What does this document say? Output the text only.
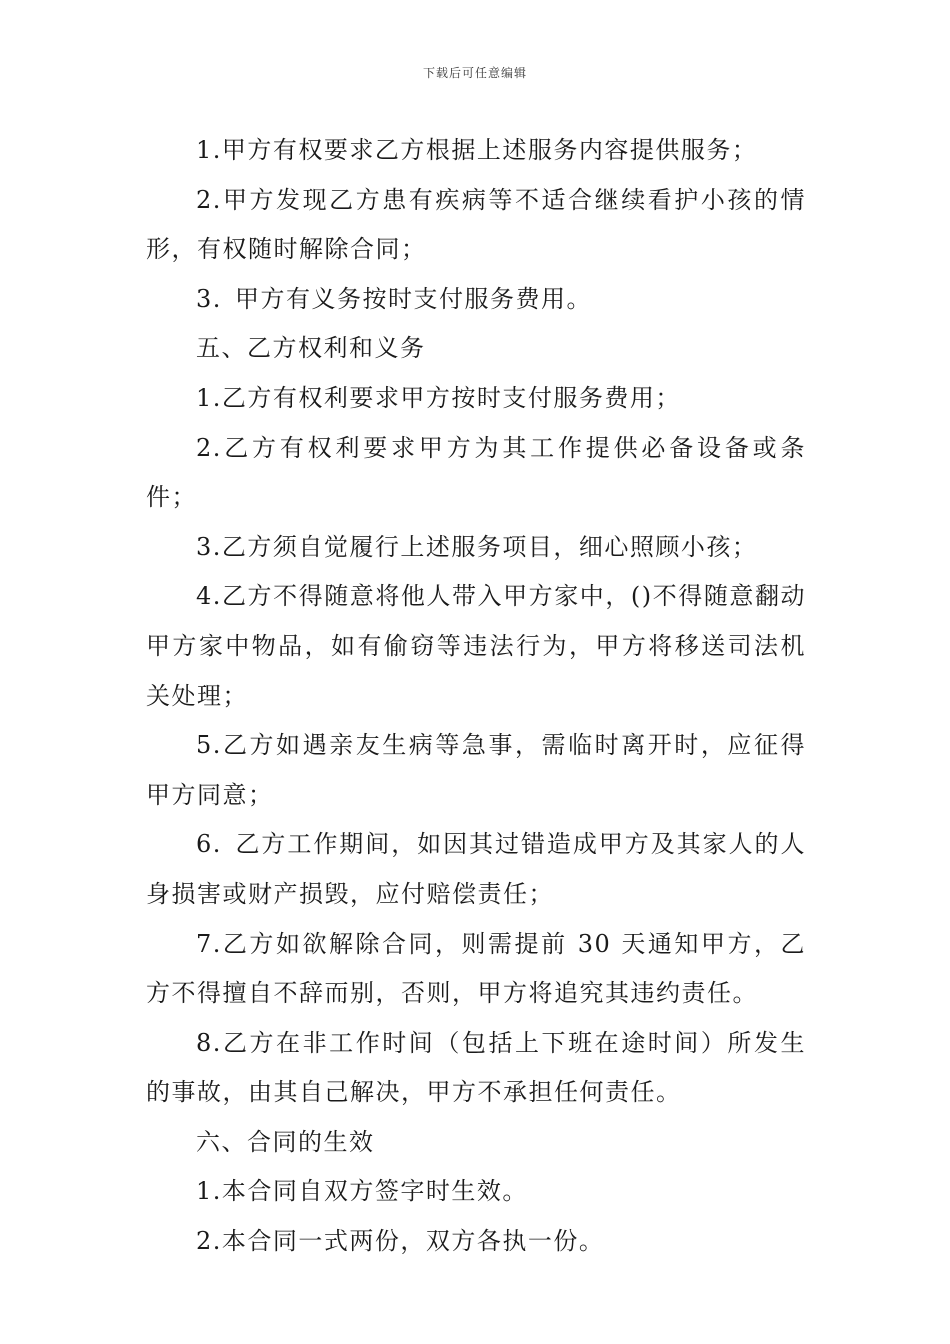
下载后可任意编辑

1.甲方有权要求乙方根据上述服务内容提供服务；

2.甲方发现乙方患有疾病等不适合继续看护小孩的情形，有权随时解除合同；

3. 甲方有义务按时支付服务费用。

五、乙方权利和义务

1.乙方有权利要求甲方按时支付服务费用；

2.乙方有权利要求甲方为其工作提供必备设备或条件；

3.乙方须自觉履行上述服务项目，细心照顾小孩；

4.乙方不得随意将他人带入甲方家中，()不得随意翻动甲方家中物品，如有偷窃等违法行为，甲方将移送司法机关处理；

5.乙方如遇亲友生病等急事，需临时离开时，应征得甲方同意；

6. 乙方工作期间，如因其过错造成甲方及其家人的人身损害或财产损毁，应付赔偿责任；

7.乙方如欲解除合同，则需提前 30 天通知甲方，乙方不得擅自不辞而别，否则，甲方将追究其违约责任。

8.乙方在非工作时间（包括上下班在途时间）所发生的事故，由其自己解决，甲方不承担任何责任。

六、合同的生效

1.本合同自双方签字时生效。

2.本合同一式两份，双方各执一份。
